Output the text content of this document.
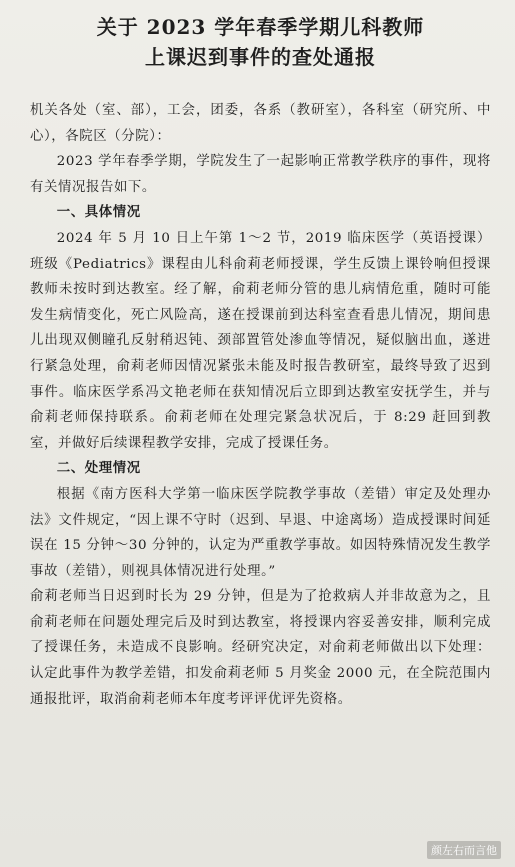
关于 2023 学年春季学期儿科教师
上课迟到事件的查处通报

机关各处（室、部），工会，团委，各系（教研室），各科室（研究所、中心），各院区（分院）：

2023 学年春季学期，学院发生了一起影响正常教学秩序的事件，现将有关情况报告如下。

一、具体情况

2024 年 5 月 10 日上午第 1～2 节，2019 临床医学（英语授课）班级《Pediatrics》课程由儿科俞莉老师授课，学生反馈上课铃响但授课教师未按时到达教室。经了解，俞莉老师分管的患儿病情危重，随时可能发生病情变化，死亡风险高，遂在授课前到达科室查看患儿情况，期间患儿出现双侧瞳孔反射稍迟钝、颈部置管处渗血等情况，疑似脑出血，遂进行紧急处理，俞莉老师因情况紧张未能及时报告教研室，最终导致了迟到事件。临床医学系冯文艳老师在获知情况后立即到达教室安抚学生，并与俞莉老师保持联系。俞莉老师在处理完紧急状况后，于 8:29 赶回到教室，并做好后续课程教学安排，完成了授课任务。

二、处理情况

根据《南方医科大学第一临床医学院教学事故（差错）审定及处理办法》文件规定，“因上课不守时（迟到、早退、中途离场）造成授课时间延误在 15 分钟～30 分钟的，认定为严重教学事故。如因特殊情况发生教学事故（差错），则视具体情况进行处理。”

俞莉老师当日迟到时长为 29 分钟，但是为了抢救病人并非故意为之，且俞莉老师在问题处理完后及时到达教室，将授课内容妥善安排，顺利完成了授课任务，未造成不良影响。经研究决定，对俞莉老师做出以下处理：认定此事件为教学差错，扣发俞莉老师 5 月奖金 2000 元，在全院范围内通报批评，取消俞莉老师本年度考评评优评先资格。

颜左右而言他
